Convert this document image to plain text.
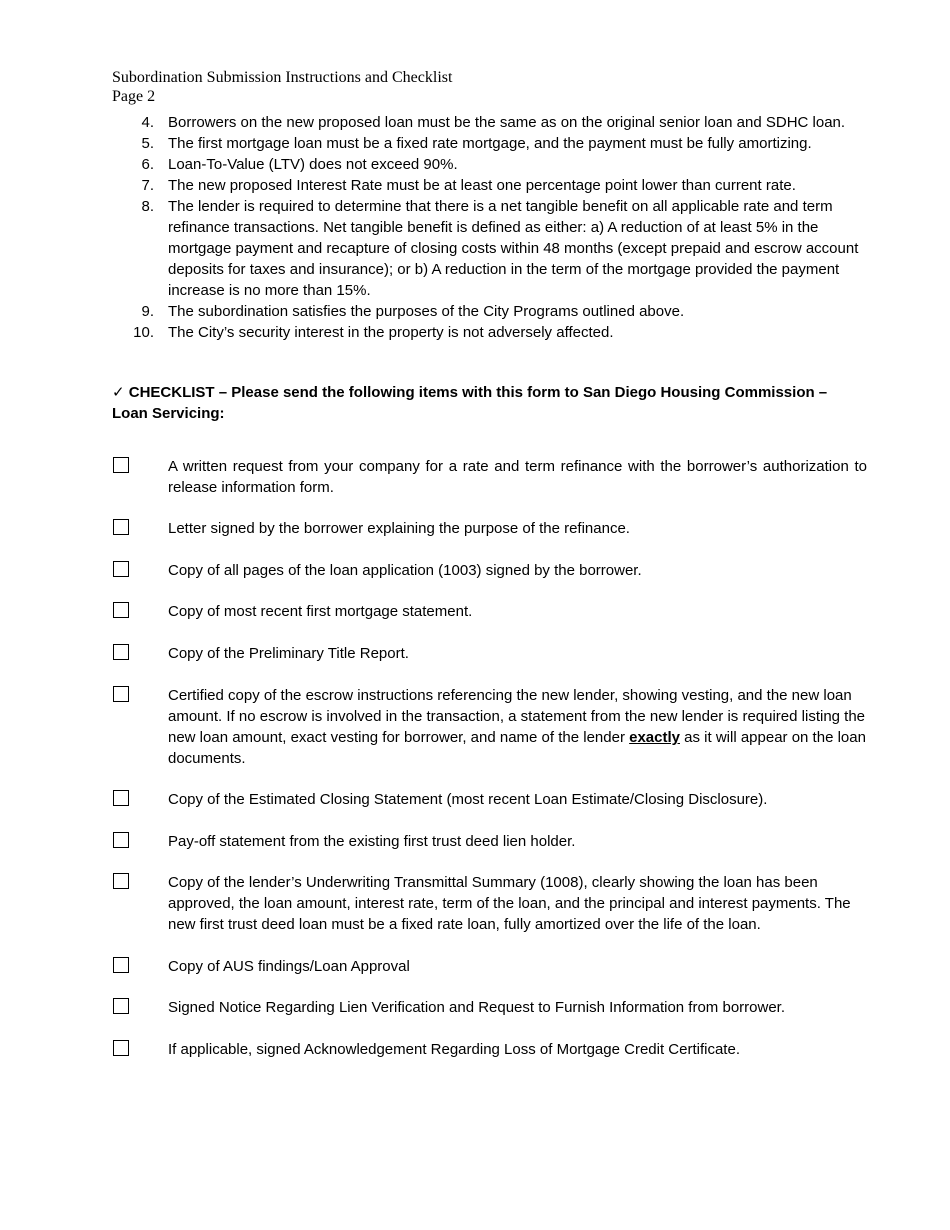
Subordination Submission Instructions and Checklist
Page 2
4. Borrowers on the new proposed loan must be the same as on the original senior loan and SDHC loan.
5. The first mortgage loan must be a fixed rate mortgage, and the payment must be fully amortizing.
6. Loan-To-Value (LTV) does not exceed 90%.
7. The new proposed Interest Rate must be at least one percentage point lower than current rate.
8. The lender is required to determine that there is a net tangible benefit on all applicable rate and term refinance transactions. Net tangible benefit is defined as either: a) A reduction of at least 5% in the mortgage payment and recapture of closing costs within 48 months (except prepaid and escrow account deposits for taxes and insurance); or b) A reduction in the term of the mortgage provided the payment increase is no more than 15%.
9. The subordination satisfies the purposes of the City Programs outlined above.
10. The City’s security interest in the property is not adversely affected.
✓ CHECKLIST – Please send the following items with this form to San Diego Housing Commission – Loan Servicing:
A written request from your company for a rate and term refinance with the borrower’s authorization to release information form.
Letter signed by the borrower explaining the purpose of the refinance.
Copy of all pages of the loan application (1003) signed by the borrower.
Copy of most recent first mortgage statement.
Copy of the Preliminary Title Report.
Certified copy of the escrow instructions referencing the new lender, showing vesting, and the new loan amount. If no escrow is involved in the transaction, a statement from the new lender is required listing the new loan amount, exact vesting for borrower, and name of the lender exactly as it will appear on the loan documents.
Copy of the Estimated Closing Statement (most recent Loan Estimate/Closing Disclosure).
Pay-off statement from the existing first trust deed lien holder.
Copy of the lender’s Underwriting Transmittal Summary (1008), clearly showing the loan has been approved, the loan amount, interest rate, term of the loan, and the principal and interest payments. The new first trust deed loan must be a fixed rate loan, fully amortized over the life of the loan.
Copy of AUS findings/Loan Approval
Signed Notice Regarding Lien Verification and Request to Furnish Information from borrower.
If applicable, signed Acknowledgement Regarding Loss of Mortgage Credit Certificate.
